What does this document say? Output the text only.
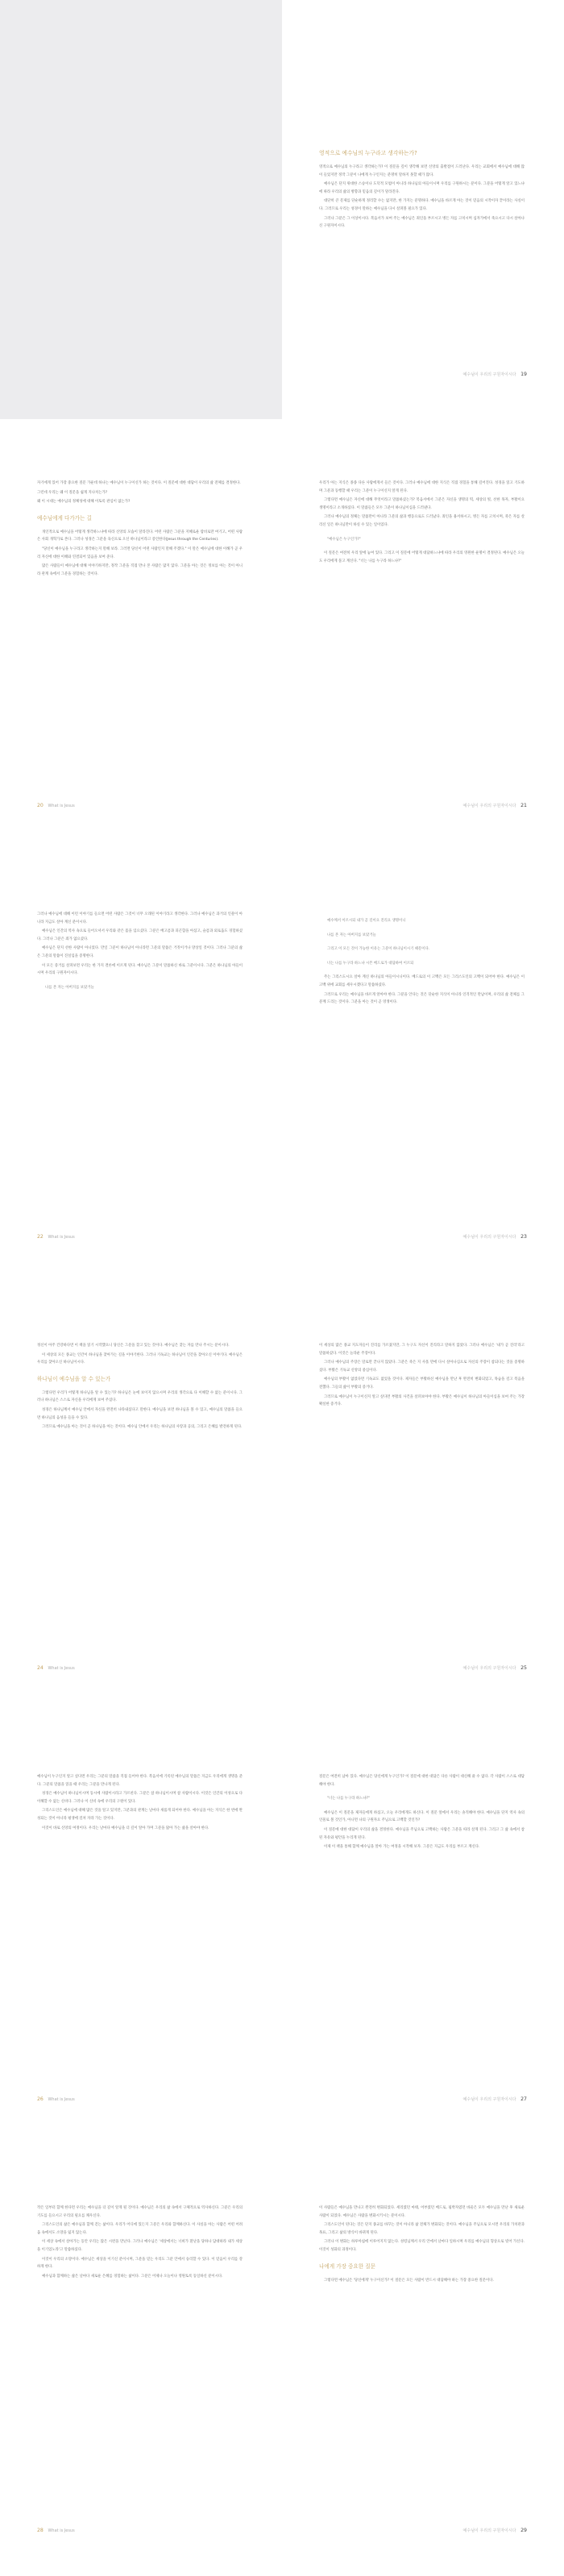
영적으로 예수님의 누구라고 생각하는가?

영적으로 예수님의 누구라고 생각하는가? 이 질문을 깊이 생각해 보면 신앙의 출발점이 드러난다. 우리는 교회에서 예수님에 대해 많이 들었지만 정작 그분이 나에게 누구인지는 분명히 말하지 못할 때가 많다.

예수님은 단지 위대한 스승이나 도덕적 모범이 아니라 하나님의 아들이시며 우리를 구원하시는 분이다. 그분을 어떻게 알고 있느냐에 따라 우리의 삶의 방향과 믿음의 깊이가 달라진다.

대단히 큰 문제를 단순하게 정리할 수는 없지만, 한 가지는 분명하다. 예수님을 바르게 아는 것이 믿음의 시작이자 끝이라는 사실이다. 그러므로 우리는 성경이 말하는 예수님을 다시 살펴볼 필요가 있다.

그러나 그분은 그 이상이시다. 복음서가 보여 주는 예수님은 죄인을 부르시고 병든 자를 고치시며 십자가에서 죽으시고 다시 살아나신 구원자이시다.

예수님이 우리의 구원자이시다 19

자기에게 있어 가장 중요한 질문 가운데 하나는 예수님이 누구이신가 하는 것이다. 이 질문에 대한 대답이 우리의 삶 전체를 결정한다.

그런데 우리는 왜 이 질문을 쉽게 지나치는가?

왜 이 시대는 예수님의 정체성에 대해 이토록 관심이 없는가?

예수님에게 다가가는 길

개인적으로 예수님을 어떻게 생각하느냐에 따라 신앙의 모습이 달라진다. 어떤 사람은 그분을 지혜로운 랍비로만 여기고, 어떤 사람은 사회 개혁가로 본다. 그러나 성경은 그분을 육신으로 오신 하나님이라고 증언한다(Jesus through the Centuries).

"당신이 예수님을 누구라고 생각하는지 말해 보라. 그러면 당신이 어떤 사람인지 말해 주겠다." 이 말은 예수님에 대한 이해가 곧 우리 자신에 대한 이해와 연결되어 있음을 보여 준다.

많은 사람들이 예수님에 대해 이야기하지만, 정작 그분을 직접 만나 본 사람은 많지 않다. 그분을 아는 것은 정보를 아는 것이 아니라 관계 속에서 그분을 경험하는 것이다.

20 What is Jesus

우리가 아는 지식은 종종 다른 사람에게서 들은 것이다. 그러나 예수님에 대한 지식은 직접 경험을 통해 깊어진다. 성경을 읽고 기도하며 그분과 동행할 때 우리는 그분이 누구이신지 알게 된다.

그렇다면 예수님은 자신에 대해 무엇이라고 말씀하셨는가? 복음서에서 그분은 자신을 생명의 떡, 세상의 빛, 선한 목자, 부활이요 생명이라고 소개하셨다. 이 말씀들은 모두 그분이 하나님이심을 드러낸다.

그러나 예수님의 정체는 말씀만이 아니라 그분의 삶과 행동으로도 드러났다. 죄인을 용서하시고, 병든 자를 고치시며, 죽은 자를 살리신 일은 하나님만이 하실 수 있는 일이었다.

"예수님은 누구인가?"

이 질문은 여전히 우리 앞에 놓여 있다. 그리고 이 질문에 어떻게 대답하느냐에 따라 우리의 영원한 운명이 결정된다. 예수님은 오늘도 우리에게 묻고 계신다. "너는 나를 누구라 하느냐?"

예수님이 우리의 구원자이시다 21

그러나 예수님에 대해 이런 이야기를 들으면 어떤 사람은 그것이 너무 오래된 이야기라고 생각한다. 그러나 예수님은 과거의 인물이 아니라 지금도 살아 계신 분이시다.

예수님은 인간의 역사 속으로 들어오셔서 우리와 같은 몸을 입으셨다. 그분은 배고픔과 피곤함을 아셨고, 슬픔과 외로움도 경험하셨다. 그러나 그분은 죄가 없으셨다.

예수님은 단지 선한 사람이 아니었다. 만일 그분이 하나님이 아니라면 그분의 말씀은 거짓이거나 망상일 것이다. 그러나 그분의 삶은 그분의 말씀이 진실임을 증명한다.

이 모든 증거를 살펴보면 우리는 한 가지 결론에 이르게 된다. 예수님은 그분이 말씀하신 바로 그분이시다. 그분은 하나님의 아들이시며 우리의 구원자이시다.

나를 본 자는 아버지를 보았거늘

22 What is Jesus

예수께서 이르시되 내가 곧 길이요 진리요 생명이니

나를 본 자는 아버지를 보았거늘

그리고 이 모든 것이 가능한 이유는 그분이 하나님이시기 때문이다.

너는 나를 누구라 하느냐 시몬 베드로가 대답하여 이르되

주는 그리스도시요 살아 계신 하나님의 아들이시니이다. 베드로의 이 고백은 모든 그리스도인의 고백이 되어야 한다. 예수님은 이 고백 위에 교회를 세우시겠다고 말씀하셨다.

그러므로 우리는 예수님을 바르게 알아야 한다. 그분을 안다는 것은 단순한 지식이 아니라 인격적인 만남이며, 우리의 삶 전체를 그분께 드리는 것이다. 그분을 아는 것이 곧 영생이다.

예수님이 우리의 구원자이시다 23

정신이 아주 건강하다면 이 책을 읽기 시작했으니 당신은 그분을 찾고 있는 것이다. 예수님은 찾는 자를 만나 주시는 분이시다.

이 세상의 모든 종교는 인간이 하나님을 찾아가는 길을 이야기한다. 그러나 기독교는 하나님이 인간을 찾아오신 이야기다. 예수님은 우리를 찾아오신 하나님이시다.

하나님이 예수님을 알 수 있는가

그렇다면 우리가 어떻게 하나님을 알 수 있는가? 하나님은 눈에 보이지 않으시며 우리의 생각으로 다 이해할 수 없는 분이시다. 그러나 하나님은 스스로 자신을 우리에게 보여 주셨다.

성경은 하나님께서 예수님 안에서 자신을 완전히 나타내셨다고 말한다. 예수님을 보면 하나님을 볼 수 있고, 예수님의 말씀을 들으면 하나님의 음성을 들을 수 있다.

그러므로 예수님을 아는 것이 곧 하나님을 아는 것이다. 예수님 안에서 우리는 하나님의 사랑과 공의, 그리고 은혜를 발견하게 된다.

24 What is Jesus

이 세상의 많은 종교 지도자들이 진리를 가르쳤지만, 그 누구도 자신이 진리라고 말하지 않았다. 그러나 예수님은 '내가 곧 진리'라고 말씀하셨다. 이것은 놀라운 주장이다.

그러나 예수님의 주장은 말로만 끝나지 않았다. 그분은 죽은 지 사흘 만에 다시 살아나심으로 자신의 주장이 참되다는 것을 증명하셨다. 부활은 기독교 신앙의 중심이다.

예수님의 부활이 없었다면 기독교도 없었을 것이다. 제자들은 부활하신 예수님을 만난 후 완전히 변화되었고, 목숨을 걸고 복음을 전했다. 그들의 삶이 부활의 증거다.

그러므로 예수님이 누구이신지 알고 싶다면 부활의 사건을 살펴보아야 한다. 부활은 예수님이 하나님의 아들이심을 보여 주는 가장 확실한 증거다.

예수님이 우리의 구원자이시다 25

예수님이 누구인지 알고 싶다면 우리는 그분의 말씀을 직접 들어야 한다. 복음서에 기록된 예수님의 말씀은 지금도 우리에게 생명을 준다. 그분의 말씀을 읽을 때 우리는 그분을 만나게 된다.

성경은 예수님이 하나님이시며 동시에 사람이시라고 가르친다. 그분은 참 하나님이시며 참 사람이시다. 이것은 인간의 이성으로 다 이해할 수 없는 신비다. 그러나 이 신비 속에 우리의 구원이 있다.

그리스도인은 예수님에 대해 많은 것을 알고 있지만, 그분과의 관계는 날마다 새롭게 되어야 한다. 예수님을 아는 지식은 한 번에 완성되는 것이 아니라 평생에 걸쳐 자라 가는 것이다.

이것이 바로 신앙의 여정이다. 우리는 날마다 예수님을 더 깊이 알아 가며 그분을 닮아 가는 삶을 살아야 한다.

26 What is Jesus

질문은 여전히 남아 있다. 예수님은 당신에게 누구인가? 이 질문에 대한 대답은 다른 사람이 대신해 줄 수 없다. 각 사람이 스스로 대답해야 한다.

"너는 나를 누구라 하느냐?"

예수님은 이 질문을 제자들에게 하셨고, 오늘 우리에게도 하신다. 이 질문 앞에서 우리는 솔직해야 한다. 예수님을 단지 역사 속의 인물로 볼 것인가, 아니면 나의 구원자요 주님으로 고백할 것인가?

이 질문에 대한 대답이 우리의 삶을 결정한다. 예수님을 주님으로 고백하는 사람은 그분을 따라 살게 된다. 그리고 그 삶 속에서 참된 자유와 평안을 누리게 된다.

이제 이 책을 통해 함께 예수님을 알아 가는 여정을 시작해 보자. 그분은 지금도 우리를 부르고 계신다.

예수님이 우리의 구원자이시다 27

작은 일부터 함께 한다면 우리는 예수님을 더 깊이 알게 될 것이다. 예수님은 우리의 삶 속에서 구체적으로 역사하신다. 그분은 우리의 기도를 들으시고 우리의 필요를 채우신다.

그리스도인의 삶은 예수님과 함께 걷는 삶이다. 우리가 어디에 있든지 그분은 우리와 함께하신다. 이 사실을 아는 사람은 어떤 어려움 속에서도 소망을 잃지 않는다.

이 세상 속에서 살아가는 동안 우리는 많은 시련을 만난다. 그러나 예수님은 '세상에서는 너희가 환난을 당하나 담대하라 내가 세상을 이기었노라'고 말씀하셨다.

이것이 우리의 소망이다. 예수님은 세상을 이기신 분이시며, 그분을 믿는 우리도 그분 안에서 승리할 수 있다. 이 믿음이 우리를 강하게 한다.

예수님과 함께하는 삶은 날마다 새로운 은혜를 경험하는 삶이다. 그분은 어제나 오늘이나 영원토록 동일하신 분이시다.

28 What is Jesus

이 사람들은 예수님을 만나고 완전히 변화되었다. 세리였던 마태, 어부였던 베드로, 핍박자였던 바울은 모두 예수님을 만난 후 새로운 사람이 되었다. 예수님은 사람을 변화시키시는 분이시다.

그리스도인이 된다는 것은 단지 종교를 바꾸는 것이 아니라 삶 전체가 변화되는 것이다. 예수님을 주님으로 모시면 우리의 가치관과 목표, 그리고 삶의 방식이 바뀌게 된다.

그러나 이 변화는 하루아침에 이루어지지 않는다. 성령님께서 우리 안에서 날마다 일하시며 우리를 예수님의 형상으로 빚어 가신다. 이것이 성화의 과정이다.

나에게 가장 중요한 질문

그렇다면 예수님은 '당신에게' 누구이신가? 이 질문은 모든 사람이 반드시 대답해야 하는 가장 중요한 질문이다.

예수님이 우리의 구원자이시다 29
